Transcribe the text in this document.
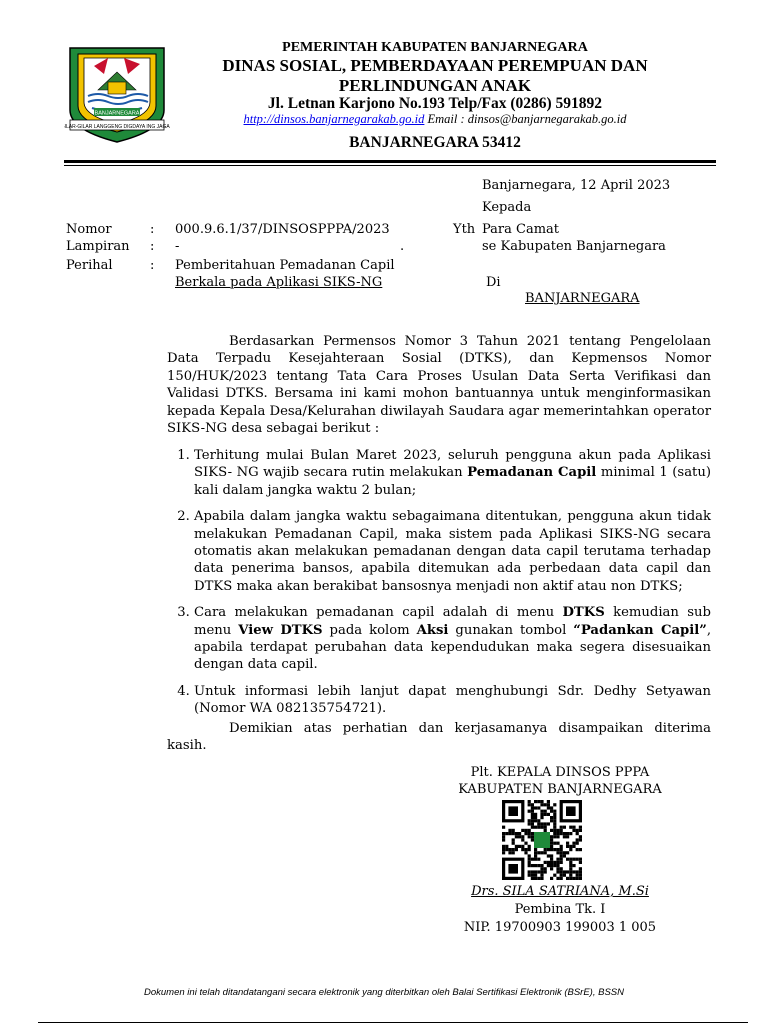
GILAR-GILAR LANGGENG DIGDAYA ING JAGAD
BANJARNEGARA
PEMERINTAH KABUPATEN BANJARNEGARA
DINAS SOSIAL, PEMBERDAYAAN PEREMPUAN DAN PERLINDUNGAN ANAK
Jl. Letnan Karjono No.193 Telp/Fax (0286) 591892
http://dinsos.banjarnegarakab.go.id Email : dinsos@banjarnegarakab.go.id
BANJARNEGARA 53412
Banjarnegara, 12 April 2023
Kepada
Yth Para Camat
se Kabupaten Banjarnegara
Di
BANJARNEGARA
Nomor	: 000.9.6.1/37/DINSOSPPPA/2023
Lampiran : -	.
Perihal	: Pemberitahuan Pemadanan Capil
Berkala pada Aplikasi SIKS-NG
Berdasarkan Permensos Nomor 3 Tahun 2021 tentang Pengelolaan Data Terpadu Kesejahteraan Sosial (DTKS), dan Kepmensos Nomor 150/HUK/2023 tentang Tata Cara Proses Usulan Data Serta Verifikasi dan Validasi DTKS. Bersama ini kami mohon bantuannya untuk menginformasikan kepada Kepala Desa/Kelurahan diwilayah Saudara agar memerintahkan operator SIKS-NG desa sebagai berikut :
1. Terhitung mulai Bulan Maret 2023, seluruh pengguna akun pada Aplikasi SIKS- NG wajib secara rutin melakukan Pemadanan Capil minimal 1 (satu) kali dalam jangka waktu 2 bulan;
2. Apabila dalam jangka waktu sebagaimana ditentukan, pengguna akun tidak melakukan Pemadanan Capil, maka sistem pada Aplikasi SIKS-NG secara otomatis akan melakukan pemadanan dengan data capil terutama terhadap data penerima bansos, apabila ditemukan ada perbedaan data capil dan DTKS maka akan berakibat bansosnya menjadi non aktif atau non DTKS;
3. Cara melakukan pemadanan capil adalah di menu DTKS kemudian sub menu View DTKS pada kolom Aksi gunakan tombol “Padankan Capil”, apabila terdapat perubahan data kependudukan maka segera disesuaikan dengan data capil.
4. Untuk informasi lebih lanjut dapat menghubungi Sdr. Dedhy Setyawan (Nomor WA 082135754721).
Demikian atas perhatian dan kerjasamanya disampaikan diterima kasih.
Plt. KEPALA DINSOS PPPA
KABUPATEN BANJARNEGARA
Drs. SILA SATRIANA, M.Si
Pembina Tk. I
NIP. 19700903 199003 1 005
Dokumen ini telah ditandatangani secara elektronik yang diterbitkan oleh Balai Sertifikasi Elektronik (BSrE), BSSN
